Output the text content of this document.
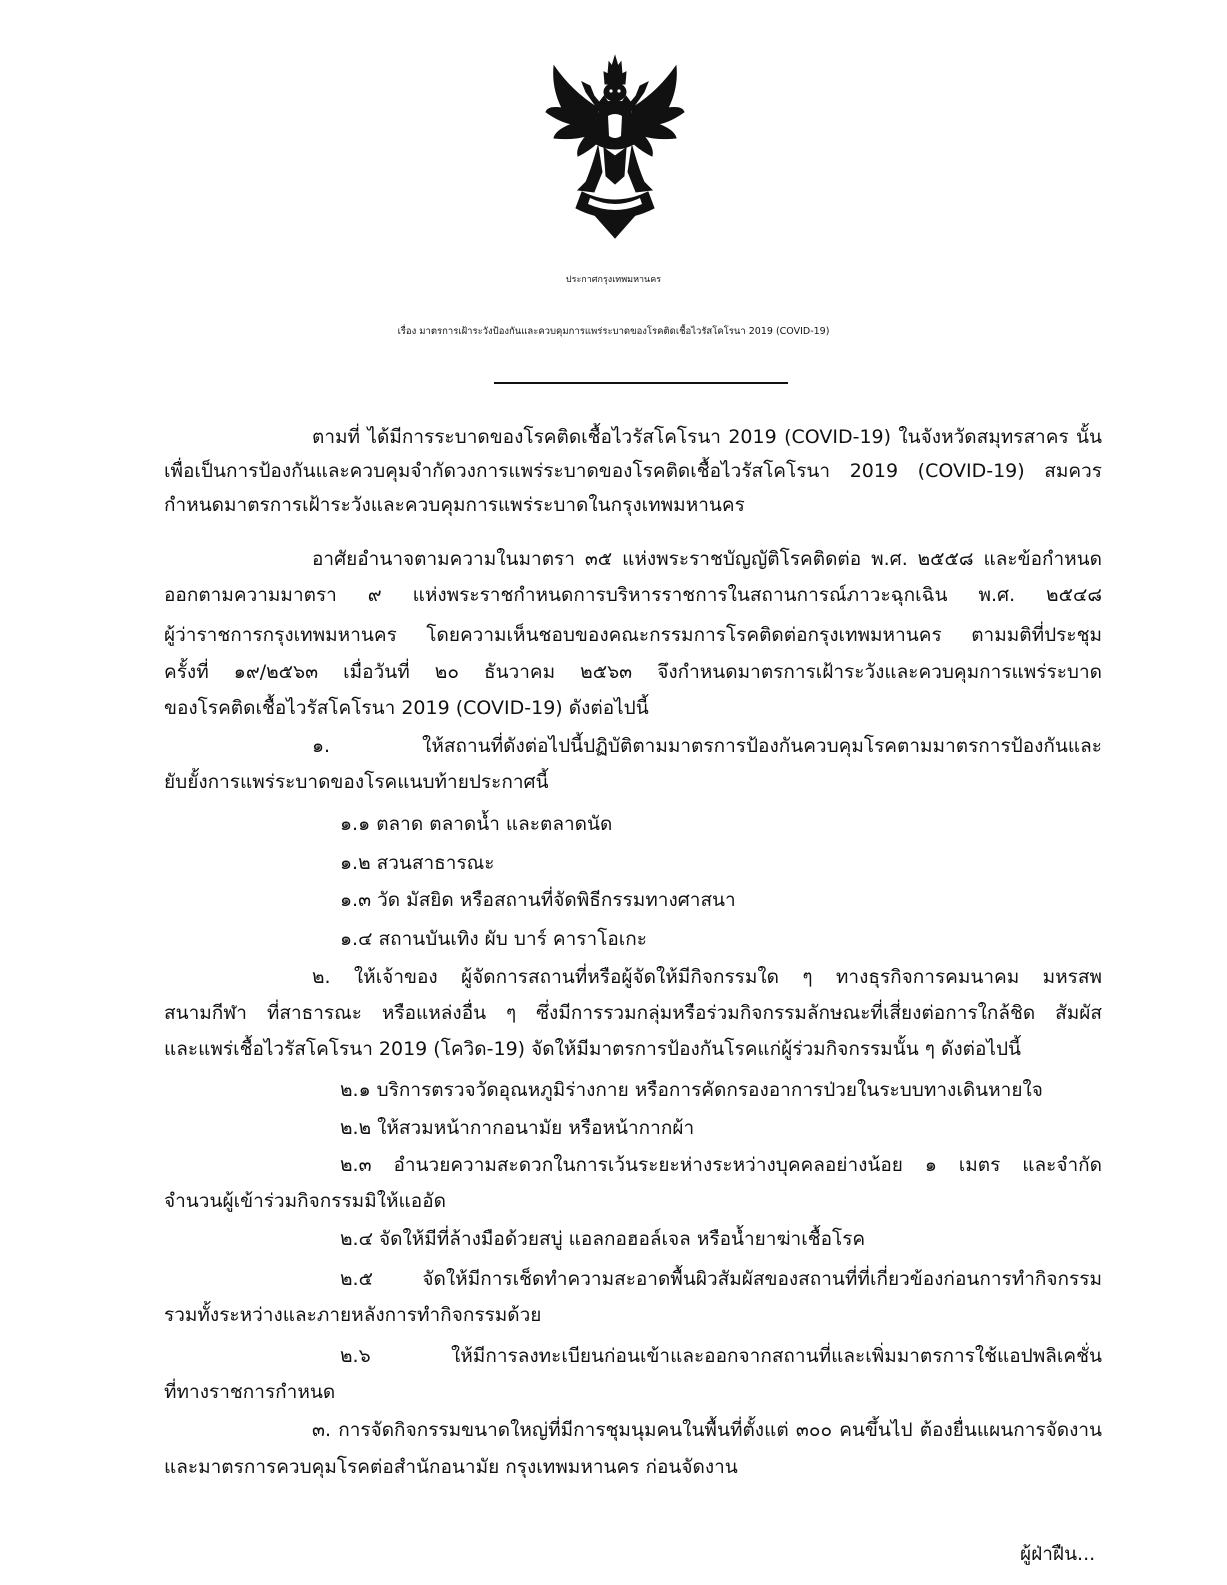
ประกาศกรุงเทพมหานคร
เรื่อง มาตรการเฝ้าระวังป้องกันและควบคุมการแพร่ระบาดของโรคติดเชื้อไวรัสโคโรนา 2019 (COVID-19)
ตามที่ ได้มีการระบาดของโรคติดเชื้อไวรัสโคโรนา 2019 (COVID-19) ในจังหวัดสมุทรสาคร นั้น
เพื่อเป็นการป้องกันและควบคุมจำกัดวงการแพร่ระบาดของโรคติดเชื้อไวรัสโคโรนา 2019 (COVID-19) สมควร
กำหนดมาตรการเฝ้าระวังและควบคุมการแพร่ระบาดในกรุงเทพมหานคร
อาศัยอำนาจตามความในมาตรา ๓๕ แห่งพระราชบัญญัติโรคติดต่อ พ.ศ. ๒๕๕๘ และข้อกำหนด
ออกตามความมาตรา ๙ แห่งพระราชกำหนดการบริหารราชการในสถานการณ์ภาวะฉุกเฉิน พ.ศ. ๒๕๔๘
ผู้ว่าราชการกรุงเทพมหานคร โดยความเห็นชอบของคณะกรรมการโรคติดต่อกรุงเทพมหานคร ตามมติที่ประชุม
ครั้งที่ ๑๙/๒๕๖๓ เมื่อวันที่ ๒๐ ธันวาคม ๒๕๖๓ จึงกำหนดมาตรการเฝ้าระวังและควบคุมการแพร่ระบาด
ของโรคติดเชื้อไวรัสโคโรนา 2019 (COVID-19) ดังต่อไปนี้
๑. ให้สถานที่ดังต่อไปนี้ปฏิบัติตามมาตรการป้องกันควบคุมโรคตามมาตรการป้องกันและ
ยับยั้งการแพร่ระบาดของโรคแนบท้ายประกาศนี้
๑.๑ ตลาด ตลาดน้ำ และตลาดนัด
๑.๒ สวนสาธารณะ
๑.๓ วัด มัสยิด หรือสถานที่จัดพิธีกรรมทางศาสนา
๑.๔ สถานบันเทิง ผับ บาร์ คาราโอเกะ
๒. ให้เจ้าของ ผู้จัดการสถานที่หรือผู้จัดให้มีกิจกรรมใด ๆ ทางธุรกิจการคมนาคม มหรสพ
สนามกีฬา ที่สาธารณะ หรือแหล่งอื่น ๆ ซึ่งมีการรวมกลุ่มหรือร่วมกิจกรรมลักษณะที่เสี่ยงต่อการใกล้ชิด สัมผัส
และแพร่เชื้อไวรัสโคโรนา 2019 (โควิด-19) จัดให้มีมาตรการป้องกันโรคแก่ผู้ร่วมกิจกรรมนั้น ๆ ดังต่อไปนี้
๒.๑ บริการตรวจวัดอุณหภูมิร่างกาย หรือการคัดกรองอาการป่วยในระบบทางเดินหายใจ
๒.๒ ให้สวมหน้ากากอนามัย หรือหน้ากากผ้า
๒.๓ อำนวยความสะดวกในการเว้นระยะห่างระหว่างบุคคลอย่างน้อย ๑ เมตร และจำกัด
จำนวนผู้เข้าร่วมกิจกรรมมิให้แออัด
๒.๔ จัดให้มีที่ล้างมือด้วยสบู่ แอลกอฮอล์เจล หรือน้ำยาฆ่าเชื้อโรค
๒.๕ จัดให้มีการเช็ดทำความสะอาดพื้นผิวสัมผัสของสถานที่ที่เกี่ยวข้องก่อนการทำกิจกรรม
รวมทั้งระหว่างและภายหลังการทำกิจกรรมด้วย
๒.๖ ให้มีการลงทะเบียนก่อนเข้าและออกจากสถานที่และเพิ่มมาตรการใช้แอปพลิเคชั่น
ที่ทางราชการกำหนด
๓. การจัดกิจกรรมขนาดใหญ่ที่มีการชุมนุมคนในพื้นที่ตั้งแต่ ๓๐๐ คนขึ้นไป ต้องยื่นแผนการจัดงาน
และมาตรการควบคุมโรคต่อสำนักอนามัย กรุงเทพมหานคร ก่อนจัดงาน
ผู้ฝ่าฝืน...
